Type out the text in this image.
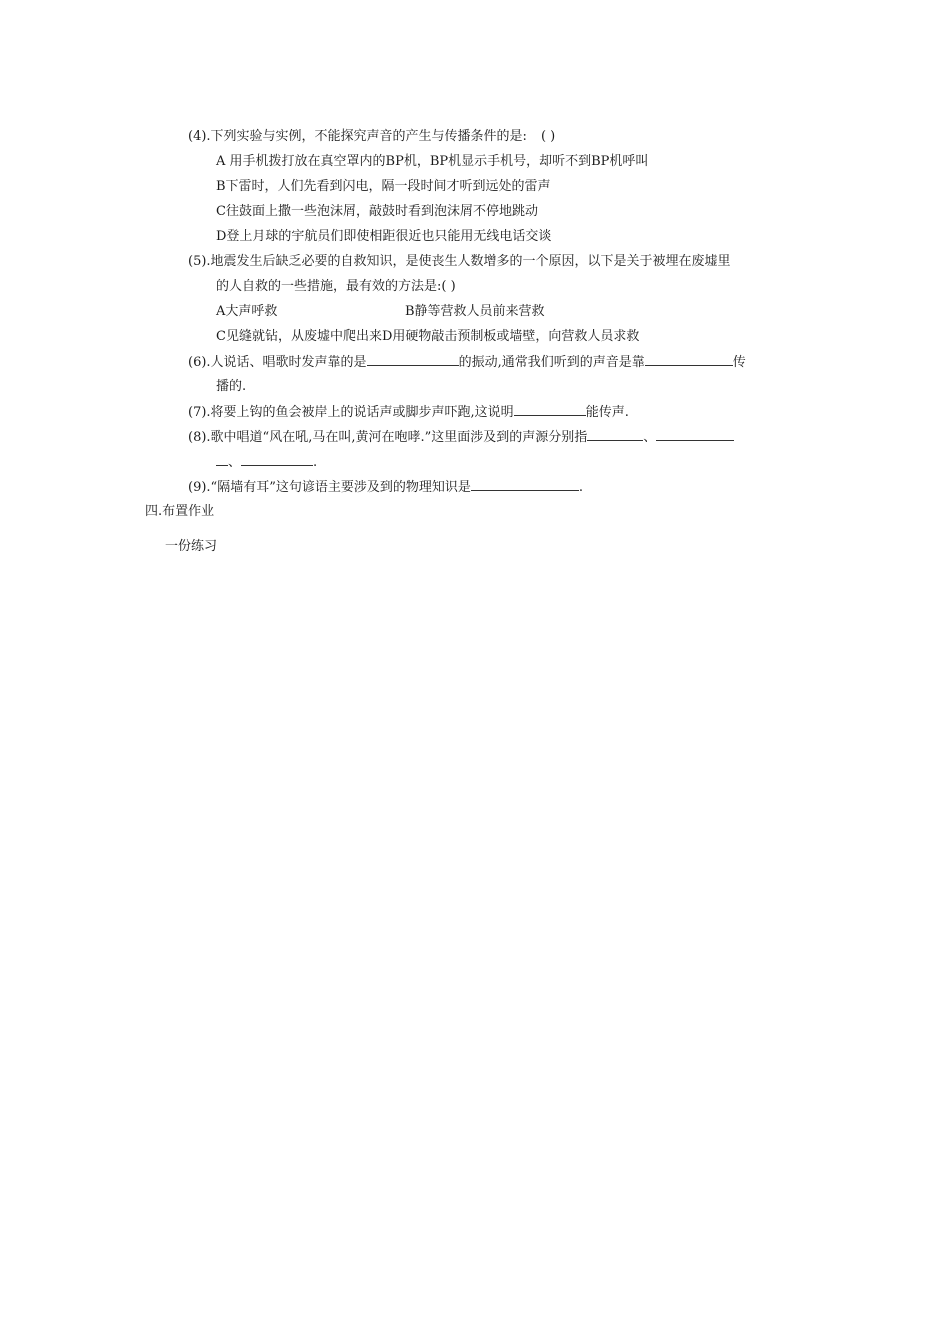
(4).下列实验与实例，不能探究声音的产生与传播条件的是: ( )
A 用手机拨打放在真空罩内的BP机，BP机显示手机号，却听不到BP机呼叫
B下雷时，人们先看到闪电，隔一段时间才听到远处的雷声
C往鼓面上撒一些泡沫屑，敲鼓时看到泡沫屑不停地跳动
D登上月球的宇航员们即使相距很近也只能用无线电话交谈
(5).地震发生后缺乏必要的自救知识，是使丧生人数增多的一个原因，以下是关于被埋在废墟里
的人自救的一些措施，最有效的方法是:( )
A大声呼救	B静等营救人员前来营救
C见缝就钻，从废墟中爬出来D用硬物敲击预制板或墙壁，向营救人员求救
(6).人说话、唱歌时发声靠的是	的振动,通常我们听到的声音是靠	传
播的.
(7).将要上钩的鱼会被岸上的说话声或脚步声吓跑,这说明	能传声.
(8).歌中唱道“风在吼,马在叫,黄河在咆哮.”这里面涉及到的声源分别指	、
、	.
(9).“隔墙有耳”这句谚语主要涉及到的物理知识是	.
四.布置作业
一份练习
